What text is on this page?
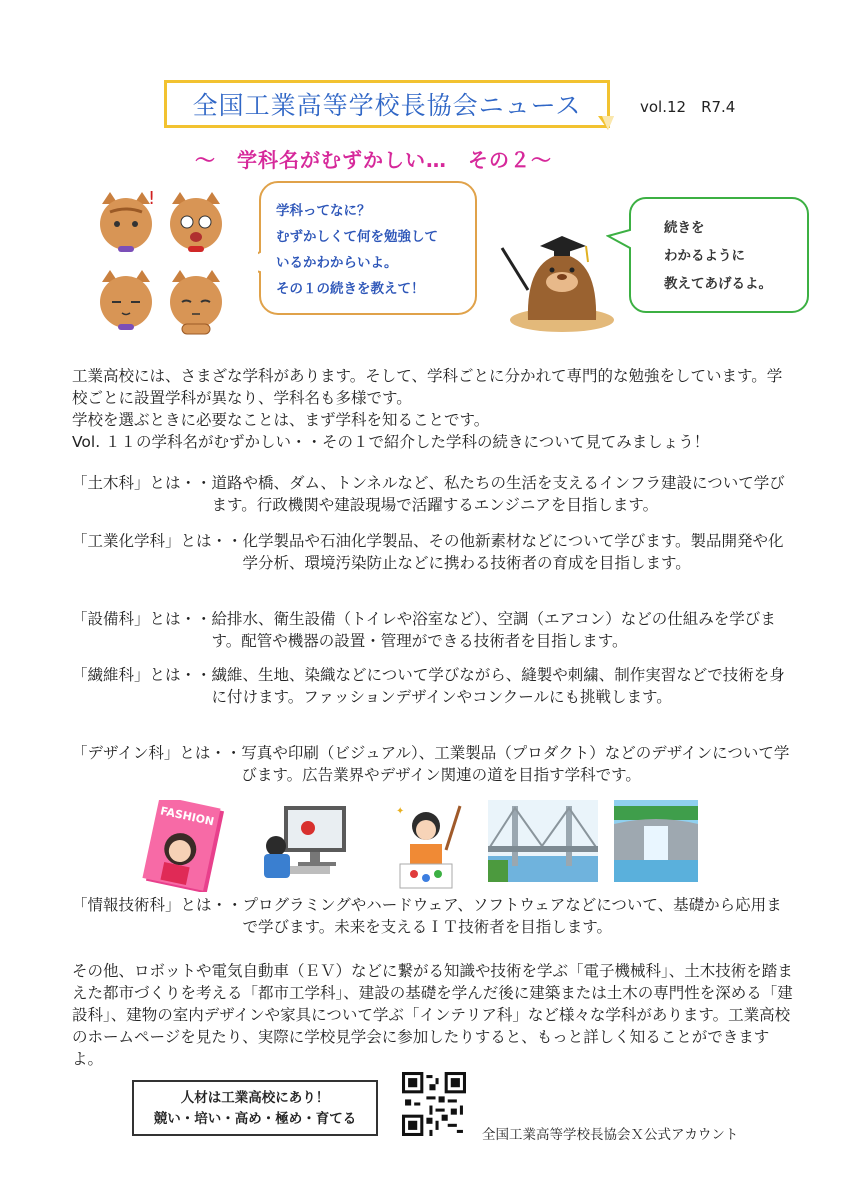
全国工業高等学校長協会ニュース	vol.12　R7.4
～　学科名がむずかしい…　その２～
!
学科ってなに？
むずかしくて何を勉強して
いるかわからいよ。
その１の続きを教えて！
続きを
わかるように
教えてあげるよ。
工業高校には、さまざな学科があります。そして、学科ごとに分かれて専門的な勉強をしています。学校ごとに設置学科が異なり、学科名も多様です。
学校を選ぶときに必要なことは、まず学科を知ることです。
Vol. １１の学科名がむずかしい・・その１で紹介した学科の続きについて見てみましょう！
「土木科」とは・・ 道路や橋、ダム、トンネルなど、私たちの生活を支えるインフラ建設について学びます。行政機関や建設現場で活躍するエンジニアを目指します。
「工業化学科」とは・・ 化学製品や石油化学製品、その他新素材などについて学びます。製品開発や化学分析、環境汚染防止などに携わる技術者の育成を目指します。
「設備科」とは・・ 給排水、衛生設備（トイレや浴室など）、空調（エアコン）などの仕組みを学びます。配管や機器の設置・管理ができる技術者を目指します。
「繊維科」とは・・ 繊維、生地、染織などについて学びながら、縫製や刺繍、制作実習などで技術を身に付けます。ファッションデザインやコンクールにも挑戦します。
「デザイン科」とは・・ 写真や印刷（ビジュアル）、工業製品（プロダクト）などのデザインについて学びます。広告業界やデザイン関連の道を目指す学科です。
FASHION	✦
「情報技術科」とは・・ プログラミングやハードウェア、ソフトウェアなどについて、基礎から応用まで学びます。未来を支えるＩＴ技術者を目指します。
その他、ロボットや電気自動車（ＥＶ）などに繋がる知識や技術を学ぶ「電子機械科」、土木技術を踏まえた都市づくりを考える「都市工学科」、建設の基礎を学んだ後に建築または土木の専門性を深める「建設科」、建物の室内デザインや家具について学ぶ「インテリア科」など様々な学科があります。工業高校のホームページを見たり、実際に学校見学会に参加したりすると、もっと詳しく知ることができますよ。
人材は工業高校にあり！
競い・培い・高め・極め・育てる
全国工業高等学校長協会Ｘ公式アカウント
